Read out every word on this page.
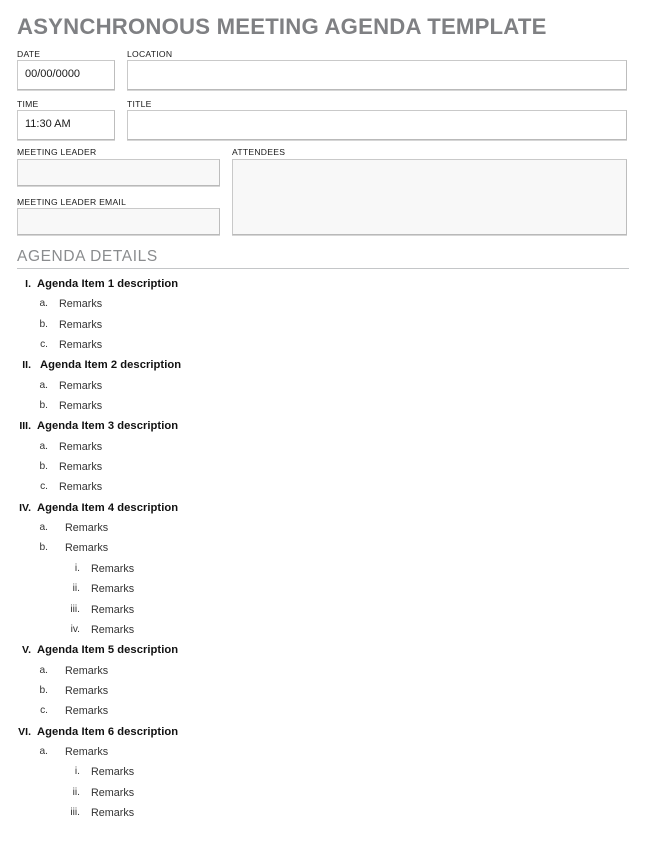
ASYNCHRONOUS MEETING AGENDA TEMPLATE
DATE
00/00/0000
LOCATION
TIME
11:30 AM
TITLE
MEETING LEADER
MEETING LEADER EMAIL
ATTENDEES
AGENDA DETAILS
I. Agenda Item 1 description
a. Remarks
b. Remarks
c. Remarks
II. Agenda Item 2 description
a. Remarks
b. Remarks
III. Agenda Item 3 description
a. Remarks
b. Remarks
c. Remarks
IV. Agenda Item 4 description
a. Remarks
b. Remarks
i. Remarks
ii. Remarks
iii. Remarks
iv. Remarks
V. Agenda Item 5 description
a. Remarks
b. Remarks
c. Remarks
VI. Agenda Item 6 description
a. Remarks
i. Remarks
ii. Remarks
iii. Remarks
